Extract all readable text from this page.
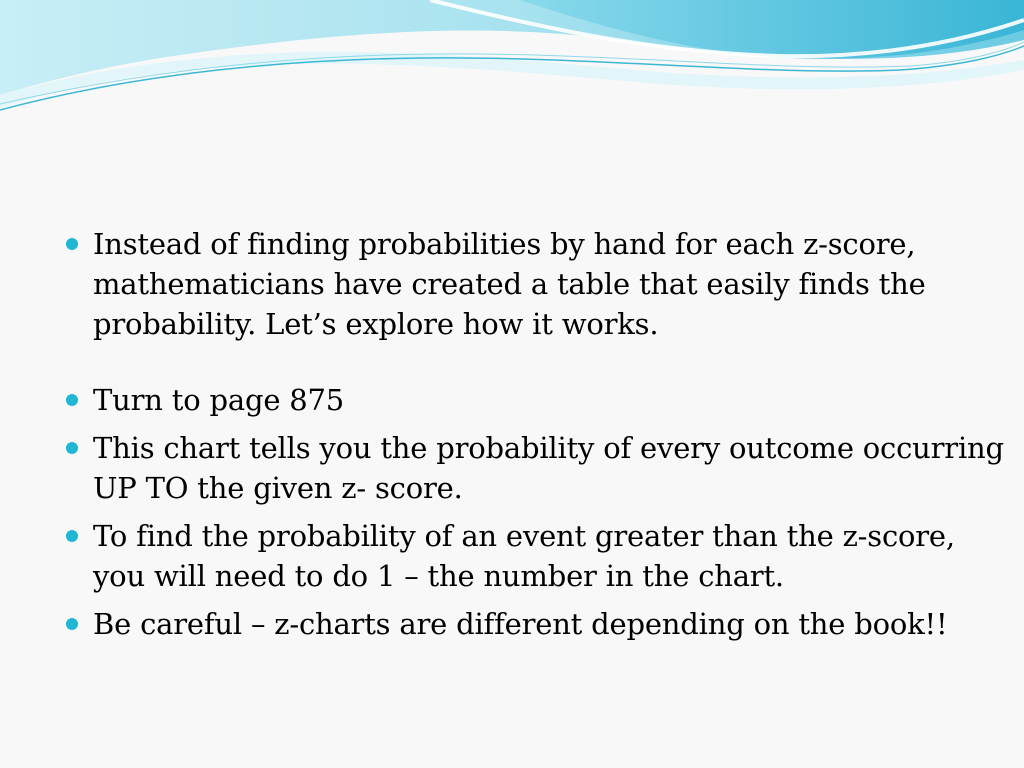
Instead of finding probabilities by hand for each z-score, mathematicians have created a table that easily finds the probability. Let’s explore how it works.
Turn to page 875
This chart tells you the probability of every outcome occurring UP TO the given z- score.
To find the probability of an event greater than the z-score, you will need to do 1 – the number in the chart.
Be careful – z-charts are different depending on the book!!
